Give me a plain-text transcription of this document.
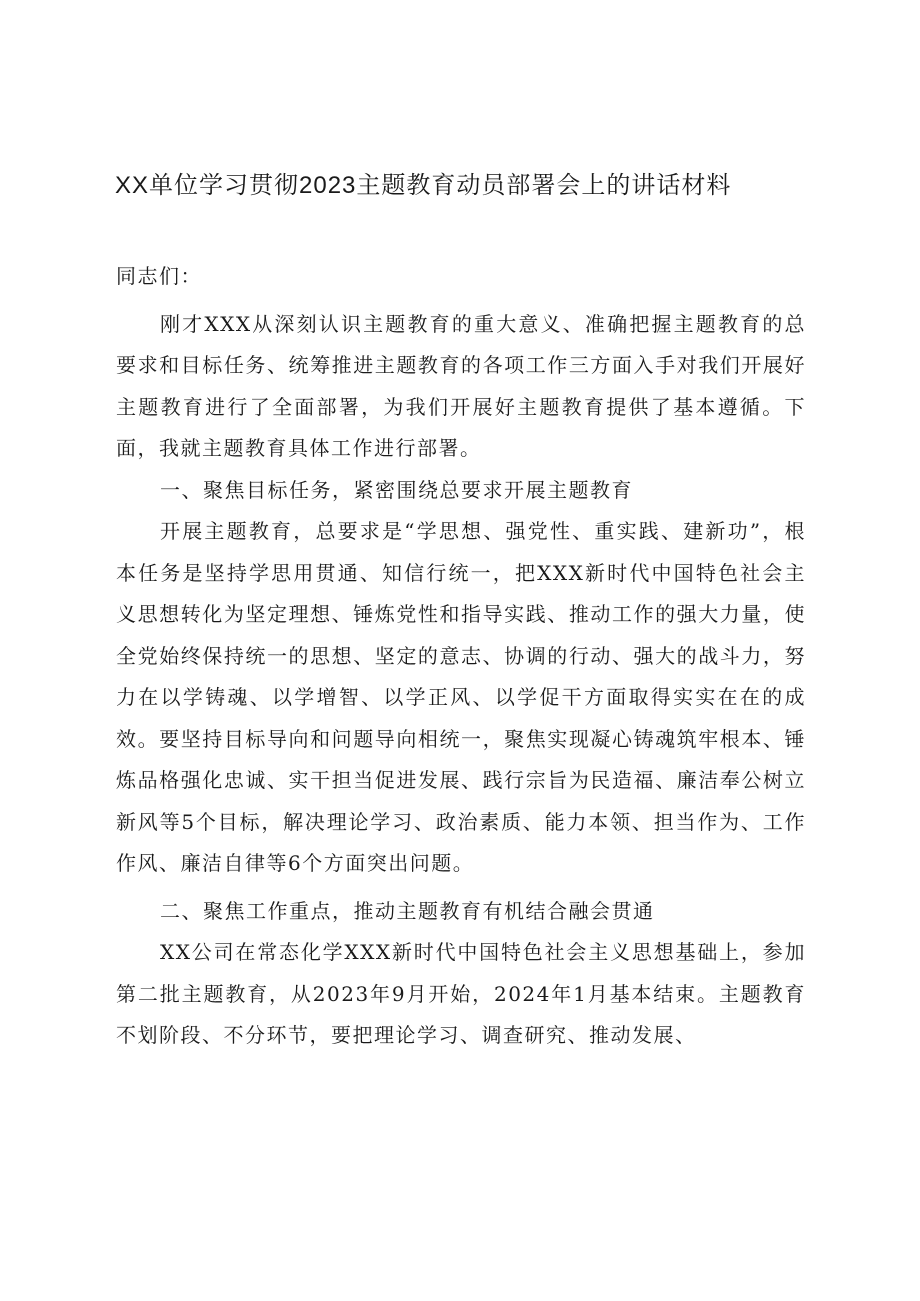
XX单位学习贯彻2023主题教育动员部署会上的讲话材料

同志们：

刚才XXX从深刻认识主题教育的重大意义、准确把握主题教育的总要求和目标任务、统筹推进主题教育的各项工作三方面入手对我们开展好主题教育进行了全面部署，为我们开展好主题教育提供了基本遵循。下面，我就主题教育具体工作进行部署。

一、聚焦目标任务，紧密围绕总要求开展主题教育

开展主题教育，总要求是“学思想、强党性、重实践、建新功”，根本任务是坚持学思用贯通、知信行统一，把XXX新时代中国特色社会主义思想转化为坚定理想、锤炼党性和指导实践、推动工作的强大力量，使全党始终保持统一的思想、坚定的意志、协调的行动、强大的战斗力，努力在以学铸魂、以学增智、以学正风、以学促干方面取得实实在在的成效。要坚持目标导向和问题导向相统一，聚焦实现凝心铸魂筑牢根本、锤炼品格强化忠诚、实干担当促进发展、践行宗旨为民造福、廉洁奉公树立新风等5个目标，解决理论学习、政治素质、能力本领、担当作为、工作作风、廉洁自律等6个方面突出问题。

二、聚焦工作重点，推动主题教育有机结合融会贯通

XX公司在常态化学XXX新时代中国特色社会主义思想基础上，参加第二批主题教育，从2023年9月开始，2024年1月基本结束。主题教育不划阶段、不分环节，要把理论学习、调查研究、推动发展、
